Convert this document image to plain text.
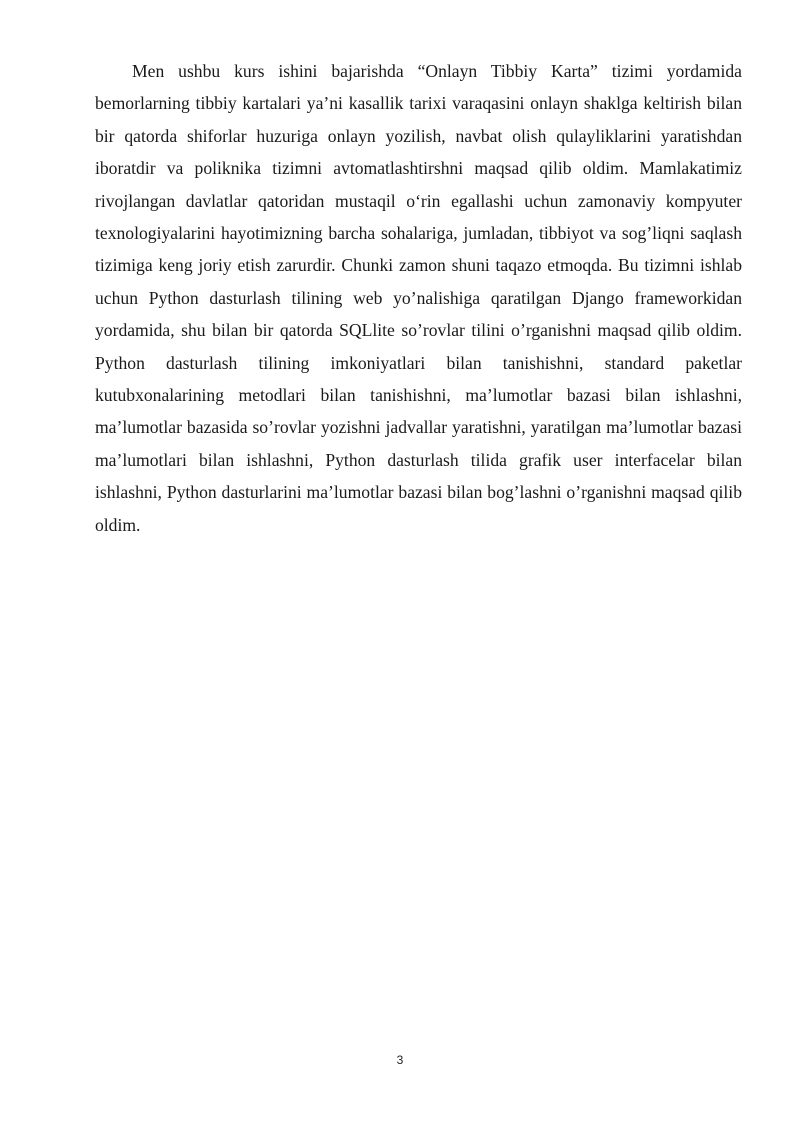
Men ushbu kurs ishini bajarishda “Onlayn Tibbiy Karta” tizimi yordamida bemorlarning tibbiy kartalari ya’ni kasallik tarixi varaqasini onlayn shaklga keltirish bilan bir qatorda shiforlar huzuriga onlayn yozilish, navbat olish qulayliklarini yaratishdan iboratdir va poliknika tizimni avtomatlashtirshni maqsad qilib oldim. Mamlakatimiz rivojlangan davlatlar qatoridan mustaqil o‘rin egallashi uchun zamonaviy kompyuter texnologiyalarini hayotimizning barcha sohalariga, jumladan, tibbiyot va sog’liqni saqlash tizimiga keng joriy etish zarurdir. Chunki zamon shuni taqazo etmoqda. Bu tizimni ishlab uchun Python dasturlash tilining web yo’nalishiga qaratilgan Django frameworkidan yordamida, shu bilan bir qatorda SQLlite so’rovlar tilini o’rganishni maqsad qilib oldim. Python dasturlash tilining imkoniyatlari bilan tanishishni, standard paketlar kutubxonalarining metodlari bilan tanishishni, ma’lumotlar bazasi bilan ishlashni, ma’lumotlar bazasida so’rovlar yozishni jadvallar yaratishni, yaratilgan ma’lumotlar bazasi ma’lumotlari bilan ishlashni, Python dasturlash tilida grafik user interfacelar bilan ishlashni, Python dasturlarini ma’lumotlar bazasi bilan bog’lashni o’rganishni maqsad qilib oldim.

3
